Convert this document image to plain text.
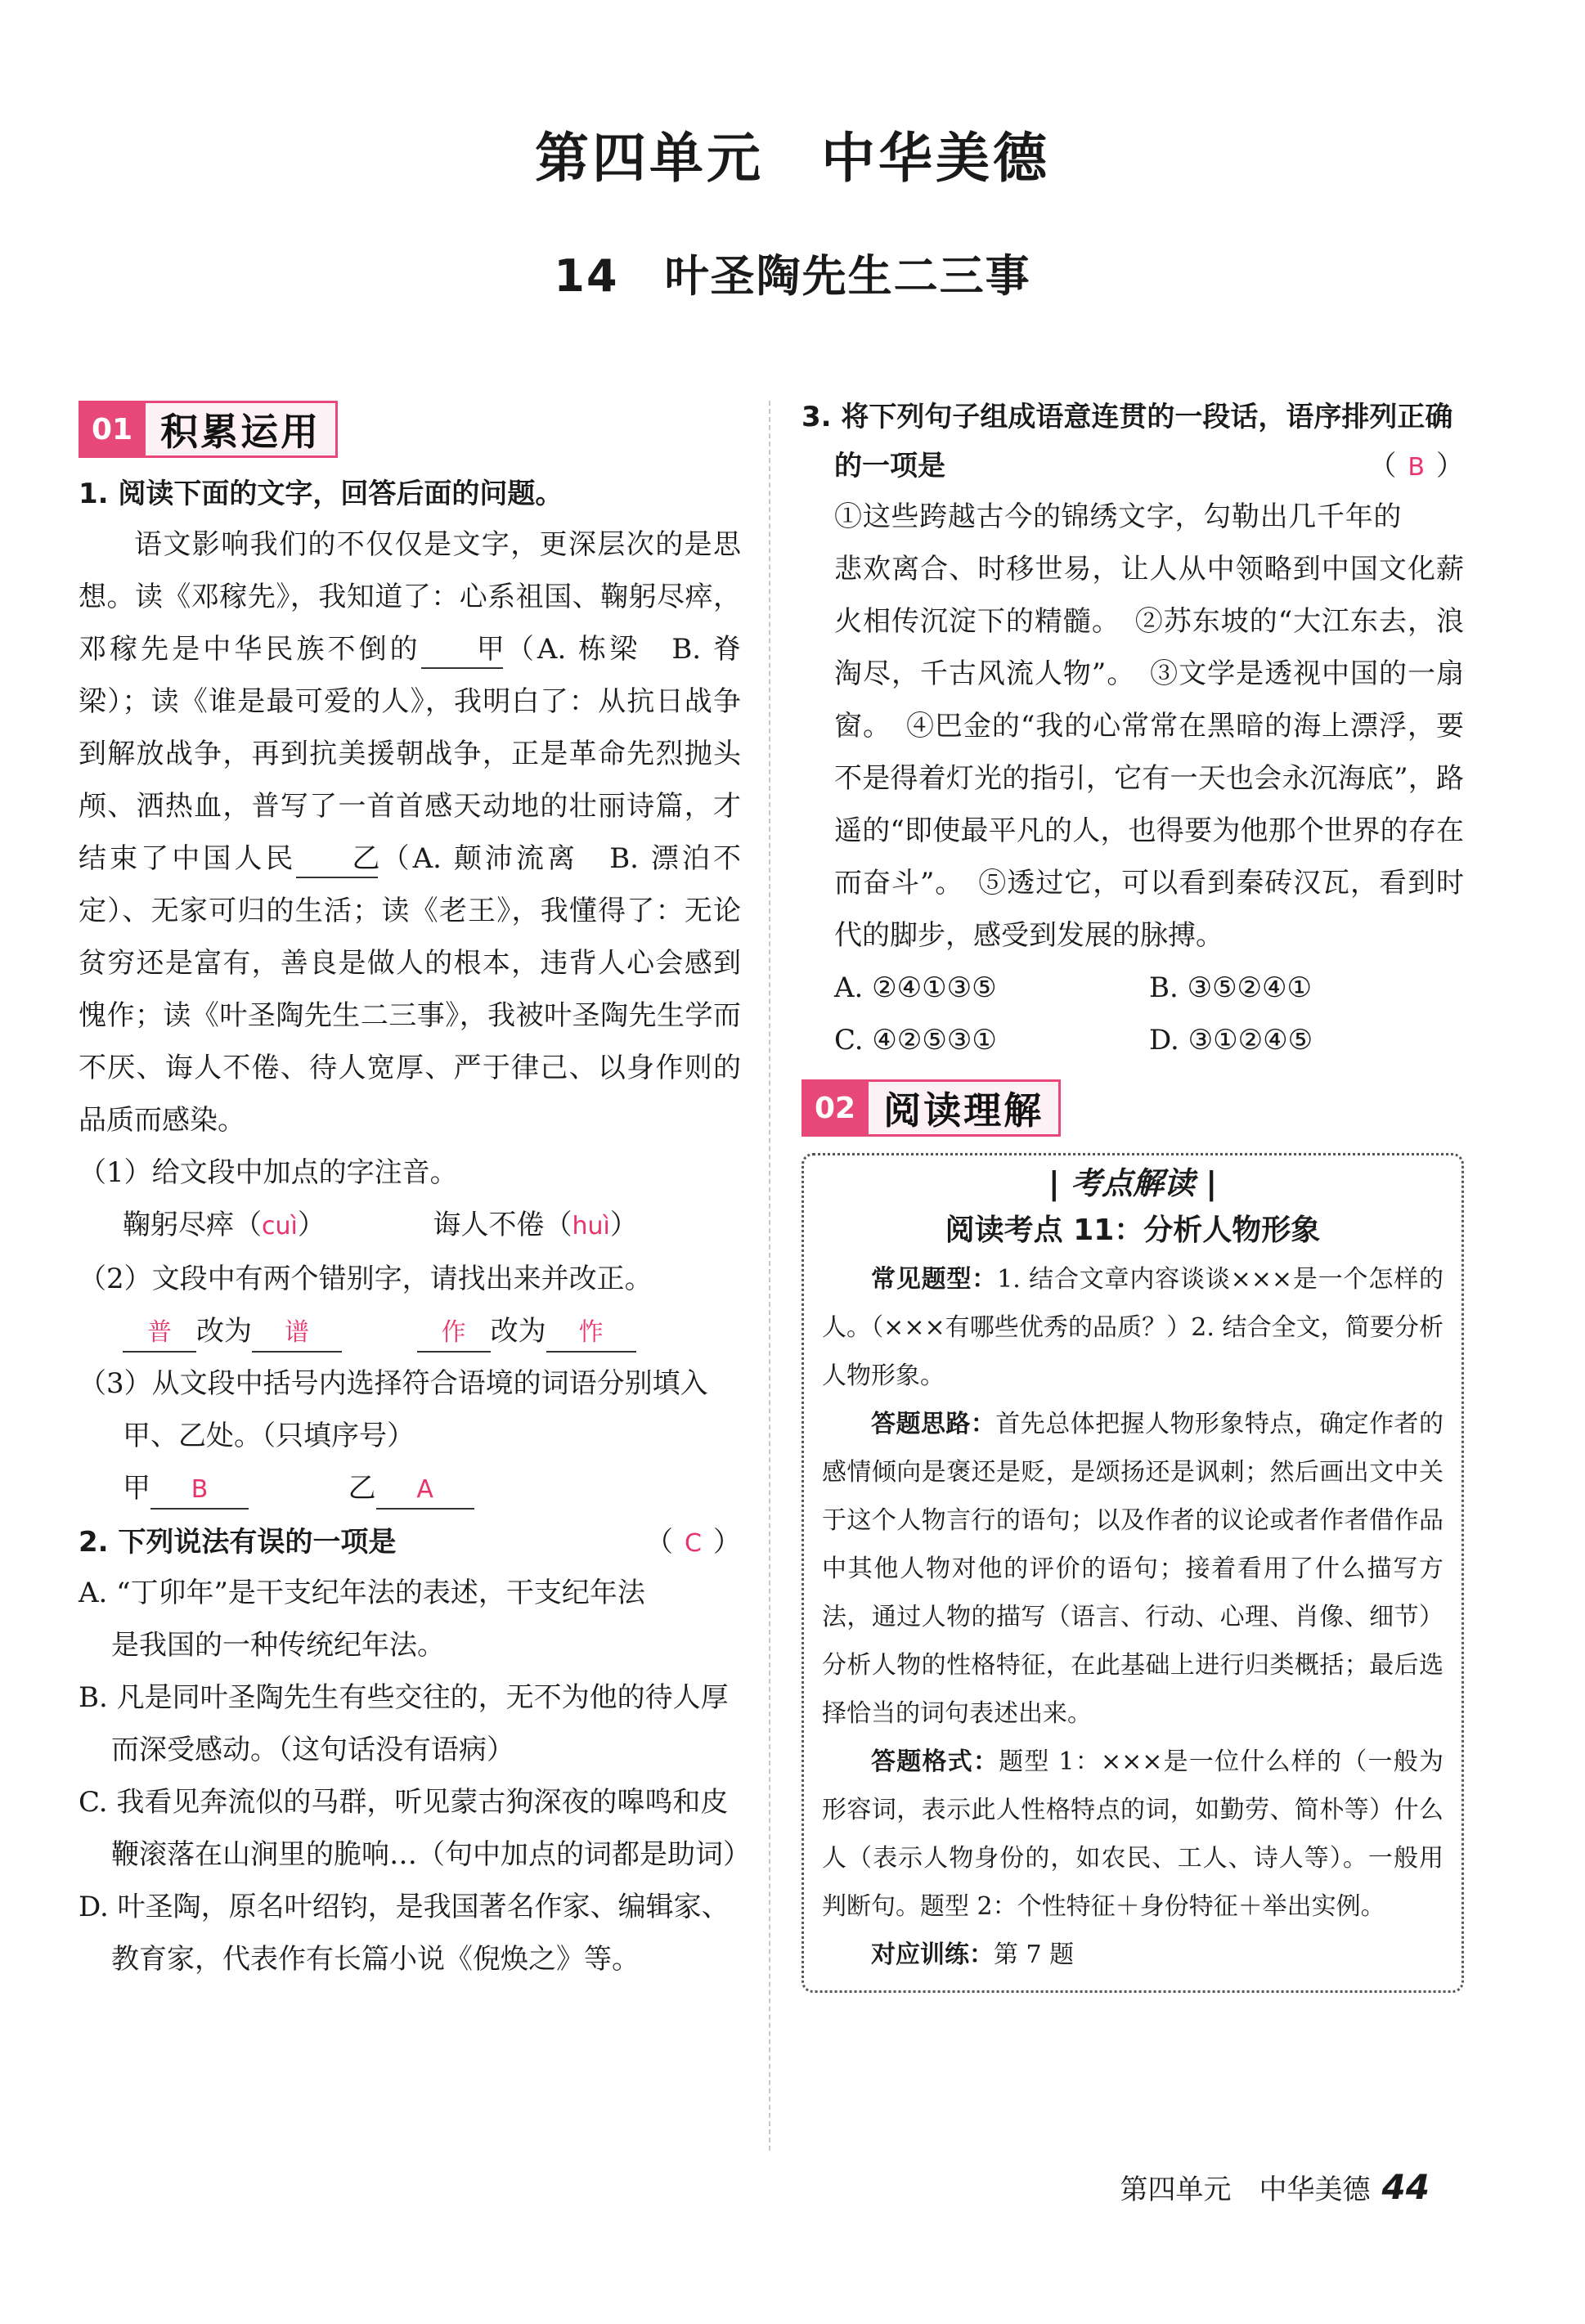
第四单元　中华美德
14　叶圣陶先生二三事
01 积累运用
1. 阅读下面的文字，回答后面的问题。
语文影响我们的不仅仅是文字，更深层次的是思想。读《邓稼先》，我知道了：心系祖国、鞠躬尽瘁，邓稼先是中华民族不倒的 甲（A. 栋梁　B. 脊梁）；读《谁是最可爱的人》，我明白了：从抗日战争到解放战争，再到抗美援朝战争，正是革命先烈抛头颅、洒热血，普写了一首首感天动地的壮丽诗篇，才结束了中国人民 乙（A. 颠沛流离　B. 漂泊不定）、无家可归的生活；读《老王》，我懂得了：无论贫穷还是富有，善良是做人的根本，违背人心会感到愧作；读《叶圣陶先生二三事》，我被叶圣陶先生学而不厌、诲人不倦、待人宽厚、严于律己、以身作则的品质而感染。
（1）给文段中加点的字注音。
鞠躬尽瘁（cuì）	诲人不倦（huì）
（2）文段中有两个错别字，请找出来并改正。
普 改为 谱	作 改为 怍
（3）从文段中括号内选择符合语境的词语分别填入甲、乙处。（只填序号）
甲 B	乙 A
2. 下列说法有误的一项是	（ C ）
A. “丁卯年”是干支纪年法的表述，干支纪年法是我国的一种传统纪年法。
B. 凡是同叶圣陶先生有些交往的，无不为他的待人厚而深受感动。（这句话没有语病）
C. 我看见奔流似的马群，听见蒙古狗深夜的嗥鸣和皮鞭滚落在山涧里的脆响…（句中加点的词都是助词）
D. 叶圣陶，原名叶绍钧，是我国著名作家、编辑家、教育家，代表作有长篇小说《倪焕之》等。
3. 将下列句子组成语意连贯的一段话，语序排列正确的一项是	（ B ）
①这些跨越古今的锦绣文字，勾勒出几千年的悲欢离合、时移世易，让人从中领略到中国文化薪火相传沉淀下的精髓。　②苏东坡的“大江东去，浪淘尽，千古风流人物”。　③文学是透视中国的一扇窗。　④巴金的“我的心常常在黑暗的海上漂浮，要不是得着灯光的指引，它有一天也会永沉海底”，路遥的“即使最平凡的人，也得要为他那个世界的存在而奋斗”。　⑤透过它，可以看到秦砖汉瓦，看到时代的脚步，感受到发展的脉搏。
A. ②④①③⑤	B. ③⑤②④①
C. ④②⑤③①	D. ③①②④⑤
02 阅读理解
| 考点解读 |
阅读考点 11：分析人物形象
常见题型：1. 结合文章内容谈谈×××是一个怎样的人。（×××有哪些优秀的品质？）2. 结合全文，简要分析人物形象。
答题思路：首先总体把握人物形象特点，确定作者的感情倾向是褒还是贬，是颂扬还是讽刺；然后画出文中关于这个人物言行的语句；以及作者的议论或者作者借作品中其他人物对他的评价的语句；接着看用了什么描写方法，通过人物的描写（语言、行动、心理、肖像、细节）分析人物的性格特征，在此基础上进行归类概括；最后选择恰当的词句表述出来。
答题格式：题型 1：×××是一位什么样的（一般为形容词，表示此人性格特点的词，如勤劳、简朴等）什么人（表示人物身份的，如农民、工人、诗人等）。一般用判断句。题型 2：个性特征＋身份特征＋举出实例。
对应训练：第 7 题
第四单元　中华美德 44
